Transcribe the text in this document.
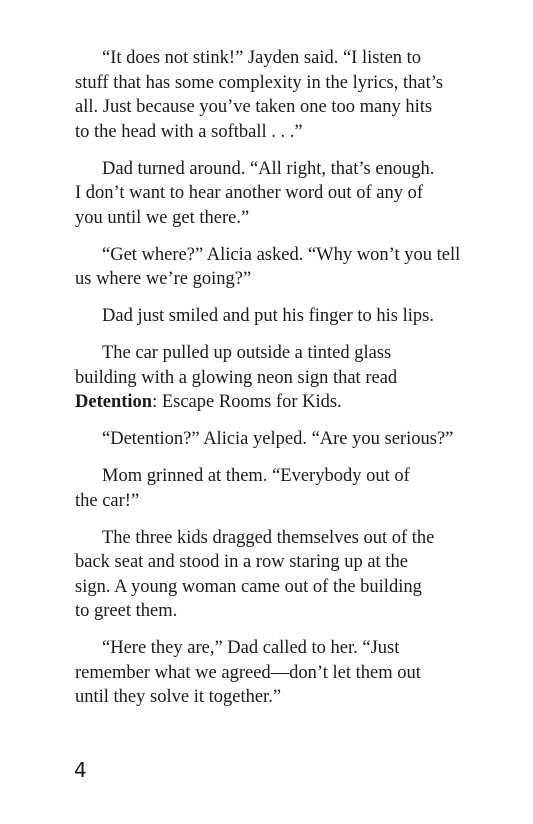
“It does not stink!” Jayden said. “I listen to
stuff that has some complexity in the lyrics, that’s
all. Just because you’ve taken one too many hits
to the head with a softball . . .”

Dad turned around. “All right, that’s enough.
I don’t want to hear another word out of any of
you until we get there.”

“Get where?” Alicia asked. “Why won’t you tell
us where we’re going?”

Dad just smiled and put his finger to his lips.

The car pulled up outside a tinted glass
building with a glowing neon sign that read
Detention: Escape Rooms for Kids.

“Detention?” Alicia yelped. “Are you serious?”

Mom grinned at them. “Everybody out of
the car!”

The three kids dragged themselves out of the
back seat and stood in a row staring up at the
sign. A young woman came out of the building
to greet them.

“Here they are,” Dad called to her. “Just
remember what we agreed—don’t let them out
until they solve it together.”

4
